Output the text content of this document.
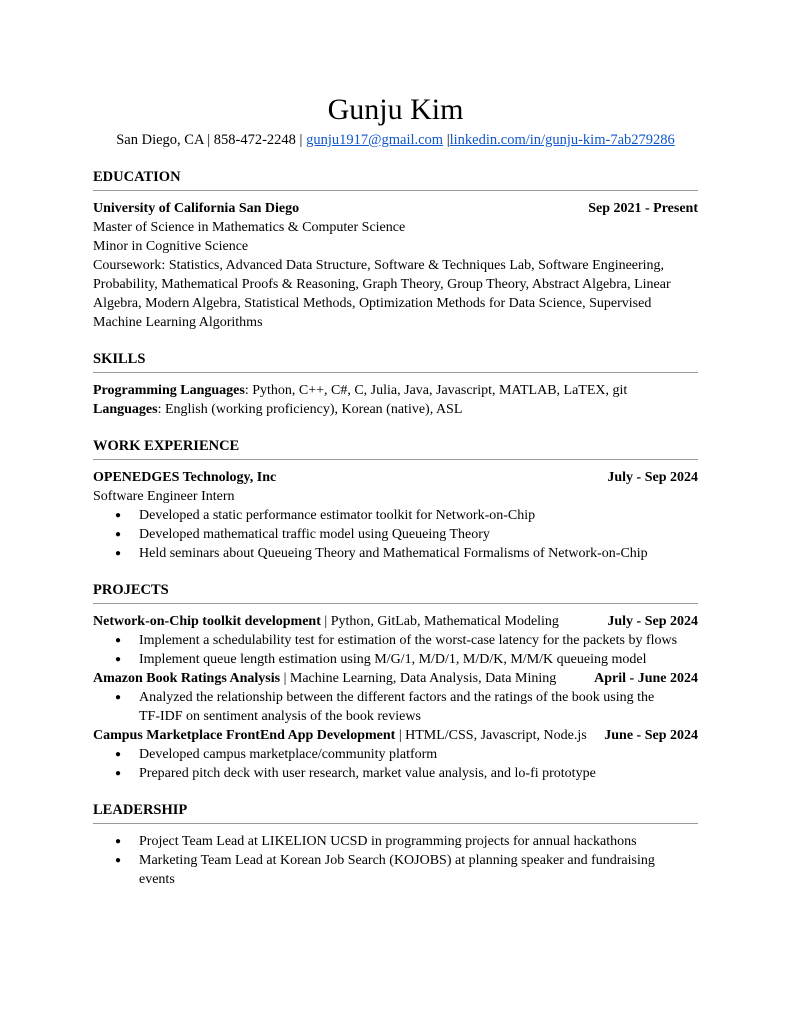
Gunju Kim
San Diego, CA | 858-472-2248 | gunju1917@gmail.com |linkedin.com/in/gunju-kim-7ab279286
EDUCATION
University of California San Diego	Sep 2021 - Present
Master of Science in Mathematics & Computer Science
Minor in Cognitive Science
Coursework: Statistics, Advanced Data Structure, Software & Techniques Lab, Software Engineering,
Probability, Mathematical Proofs & Reasoning, Graph Theory, Group Theory, Abstract Algebra, Linear
Algebra, Modern Algebra, Statistical Methods, Optimization Methods for Data Science, Supervised
Machine Learning Algorithms
SKILLS
Programming Languages: Python, C++, C#, C, Julia, Java, Javascript, MATLAB, LaTEX, git
Languages: English (working proficiency), Korean (native), ASL
WORK EXPERIENCE
OPENEDGES Technology, Inc	July - Sep 2024
Software Engineer Intern
● Developed a static performance estimator toolkit for Network-on-Chip
● Developed mathematical traffic model using Queueing Theory
● Held seminars about Queueing Theory and Mathematical Formalisms of Network-on-Chip
PROJECTS
Network-on-Chip toolkit development | Python, GitLab, Mathematical Modeling	July - Sep 2024
● Implement a schedulability test for estimation of the worst-case latency for the packets by flows
● Implement queue length estimation using M/G/1, M/D/1, M/D/K, M/M/K queueing model
Amazon Book Ratings Analysis | Machine Learning, Data Analysis, Data Mining	April - June 2024
● Analyzed the relationship between the different factors and the ratings of the book using the
TF-IDF on sentiment analysis of the book reviews
Campus Marketplace FrontEnd App Development | HTML/CSS, Javascript, Node.js June - Sep 2024
● Developed campus marketplace/community platform
● Prepared pitch deck with user research, market value analysis, and lo-fi prototype
LEADERSHIP
● Project Team Lead at LIKELION UCSD in programming projects for annual hackathons
● Marketing Team Lead at Korean Job Search (KOJOBS) at planning speaker and fundraising
events
